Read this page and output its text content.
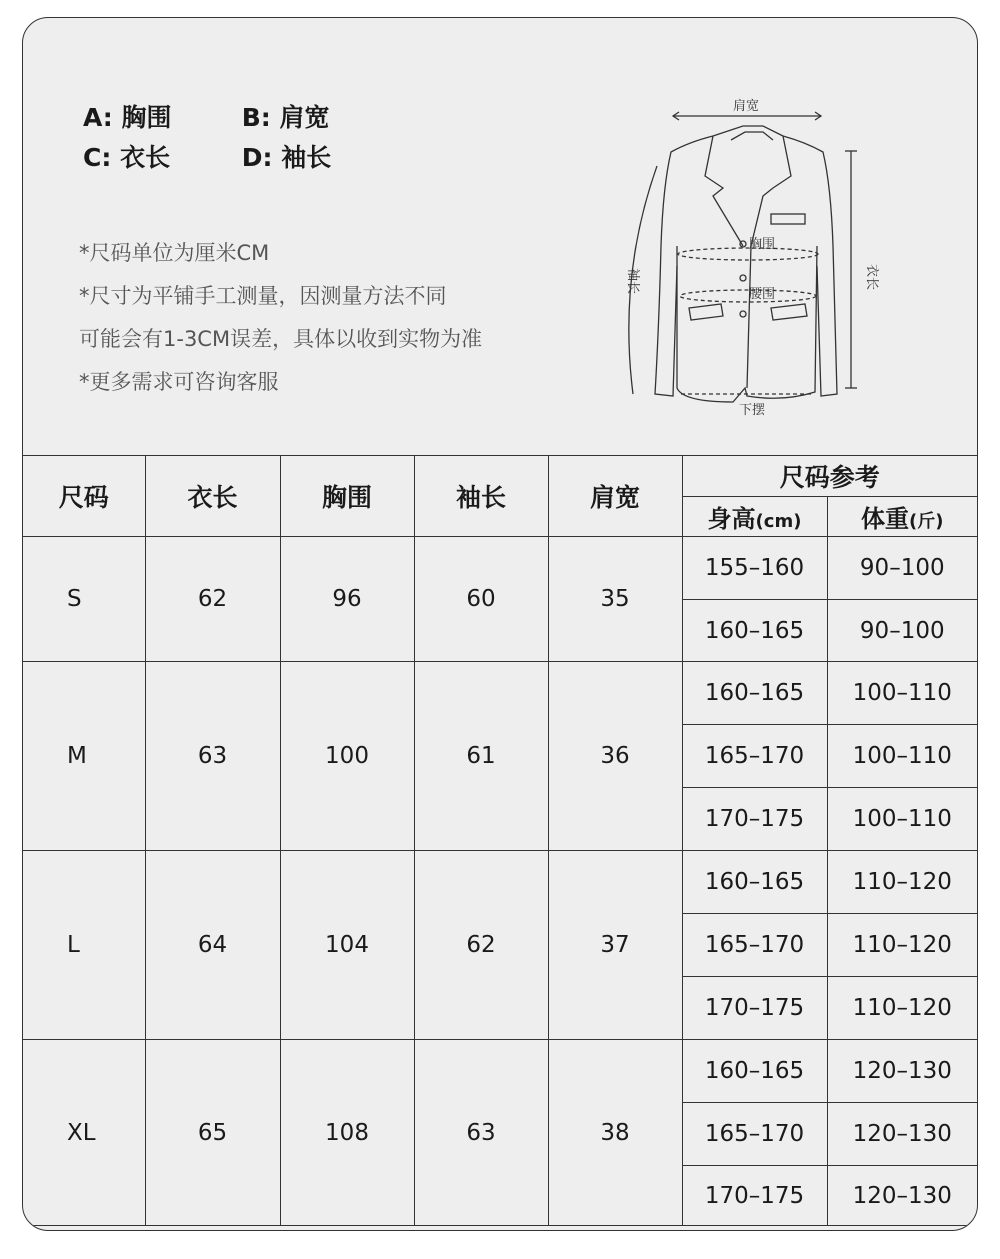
A: 胸围	B: 肩宽
C: 衣长	D: 袖长
*尺码单位为厘米CM
*尺寸为平铺手工测量，因测量方法不同
可能会有1-3CM误差，具体以收到实物为准
*更多需求可咨询客服
肩宽
胸围
腰围
下摆
袖长	衣长
尺码	衣长	胸围	袖长	肩宽	尺码参考	
					身高(cm)	体重(斤)
S	62	96	60	35	155–160	90–100
					160–165	90–100
M	63	100	61	36	160–165	100–110
					165–170	100–110
					170–175	100–110
L	64	104	62	37	160–165	110–120
					165–170	110–120
					170–175	110–120
XL	65	108	63	38	160–165	120–130
					165–170	120–130
					170–175	120–130
